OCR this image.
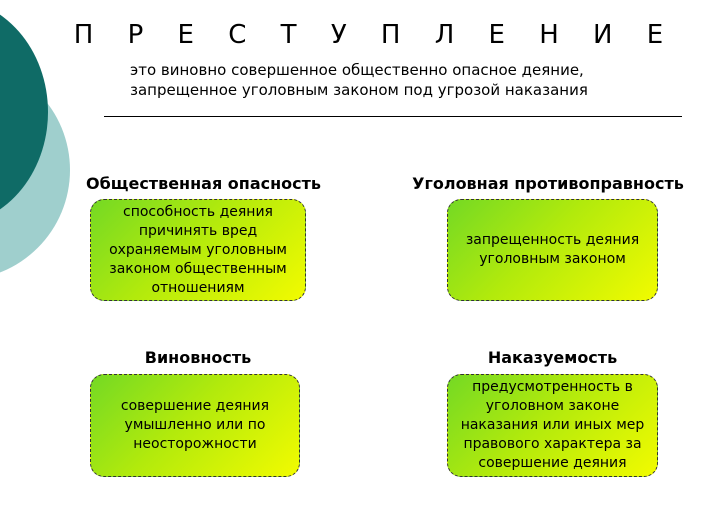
П Р Е С Т У П Л Е Н И Е
это виновно совершенное общественно опасное деяние,
запрещенное уголовным законом под угрозой наказания
Общественная опасность
способность деяния причинять вред охраняемым уголовным законом общественным отношениям
Уголовная противоправность
запрещенность деяния уголовным законом
Виновность
совершение деяния умышленно или по неосторожности
Наказуемость
предусмотренность в уголовном законе наказания или иных мер правового характера за совершение деяния
